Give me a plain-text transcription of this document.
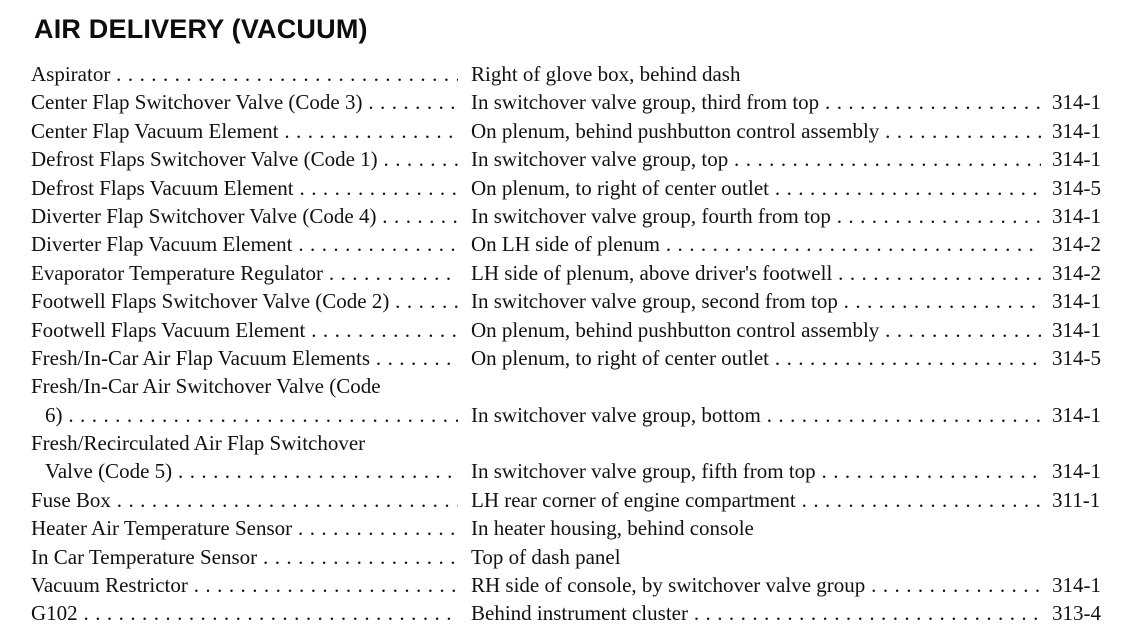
AIR DELIVERY (VACUUM)
Aspirator . . .	Right of glove box, behind dash
Center Flap Switchover Valve (Code 3) . . .	In switchover valve group, third from top . . .	314-1
Center Flap Vacuum Element . . .	On plenum, behind pushbutton control assembly . . .	314-1
Defrost Flaps Switchover Valve (Code 1) . . .	In switchover valve group, top . . .	314-1
Defrost Flaps Vacuum Element . . .	On plenum, to right of center outlet . . .	314-5
Diverter Flap Switchover Valve (Code 4) . . .	In switchover valve group, fourth from top . . .	314-1
Diverter Flap Vacuum Element . . .	On LH side of plenum . . .	314-2
Evaporator Temperature Regulator . . .	LH side of plenum, above driver's footwell . . .	314-2
Footwell Flaps Switchover Valve (Code 2) . . .	In switchover valve group, second from top . . .	314-1
Footwell Flaps Vacuum Element . . .	On plenum, behind pushbutton control assembly . . .	314-1
Fresh/In-Car Air Flap Vacuum Elements . . .	On plenum, to right of center outlet . . .	314-5
Fresh/In-Car Air Switchover Valve (Code
6) . . .	In switchover valve group, bottom . . .	314-1
Fresh/Recirculated Air Flap Switchover
Valve (Code 5) . . .	In switchover valve group, fifth from top . . .	314-1
Fuse Box . . .	LH rear corner of engine compartment . . .	311-1
Heater Air Temperature Sensor . . .	In heater housing, behind console
In Car Temperature Sensor . . .	Top of dash panel
Vacuum Restrictor . . .	RH side of console, by switchover valve group . . .	314-1
G102 . . .	Behind instrument cluster . . .	313-4
